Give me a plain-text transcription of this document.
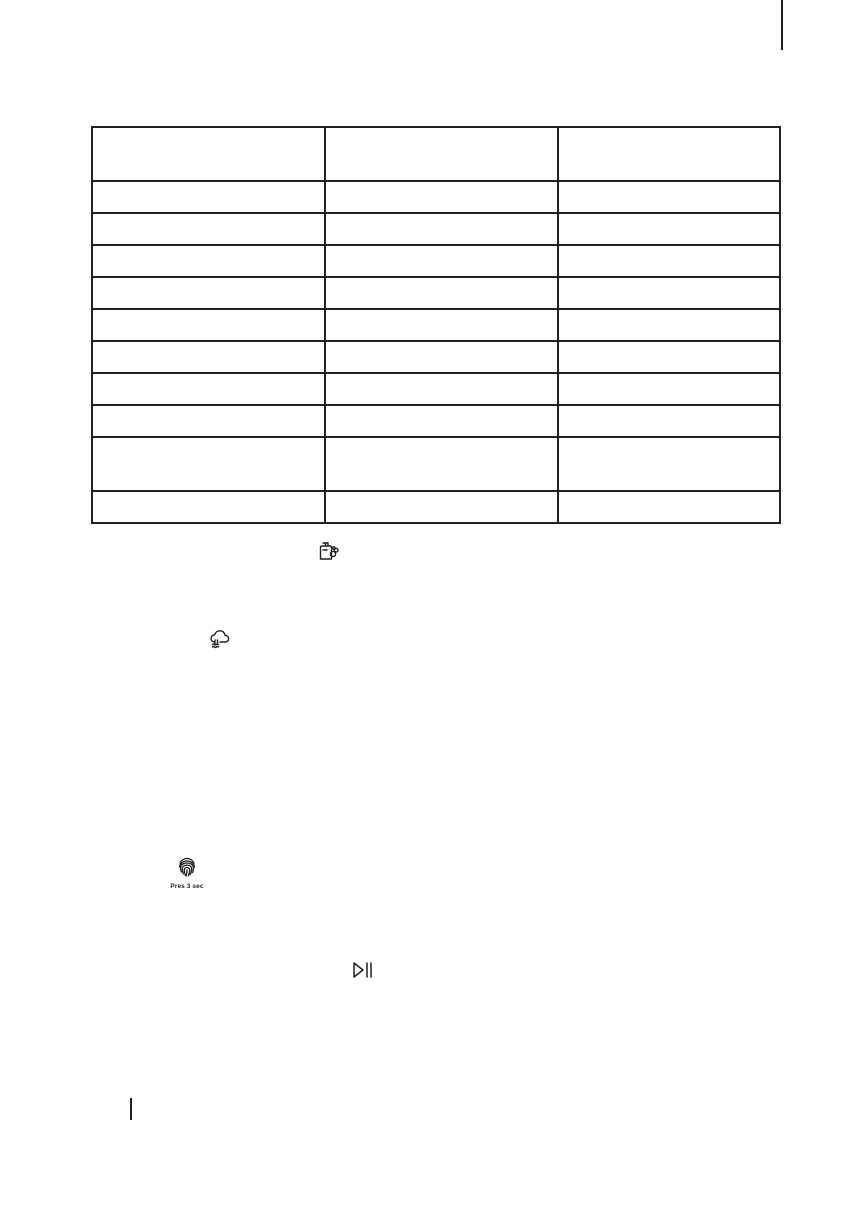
Pres 3 sec
